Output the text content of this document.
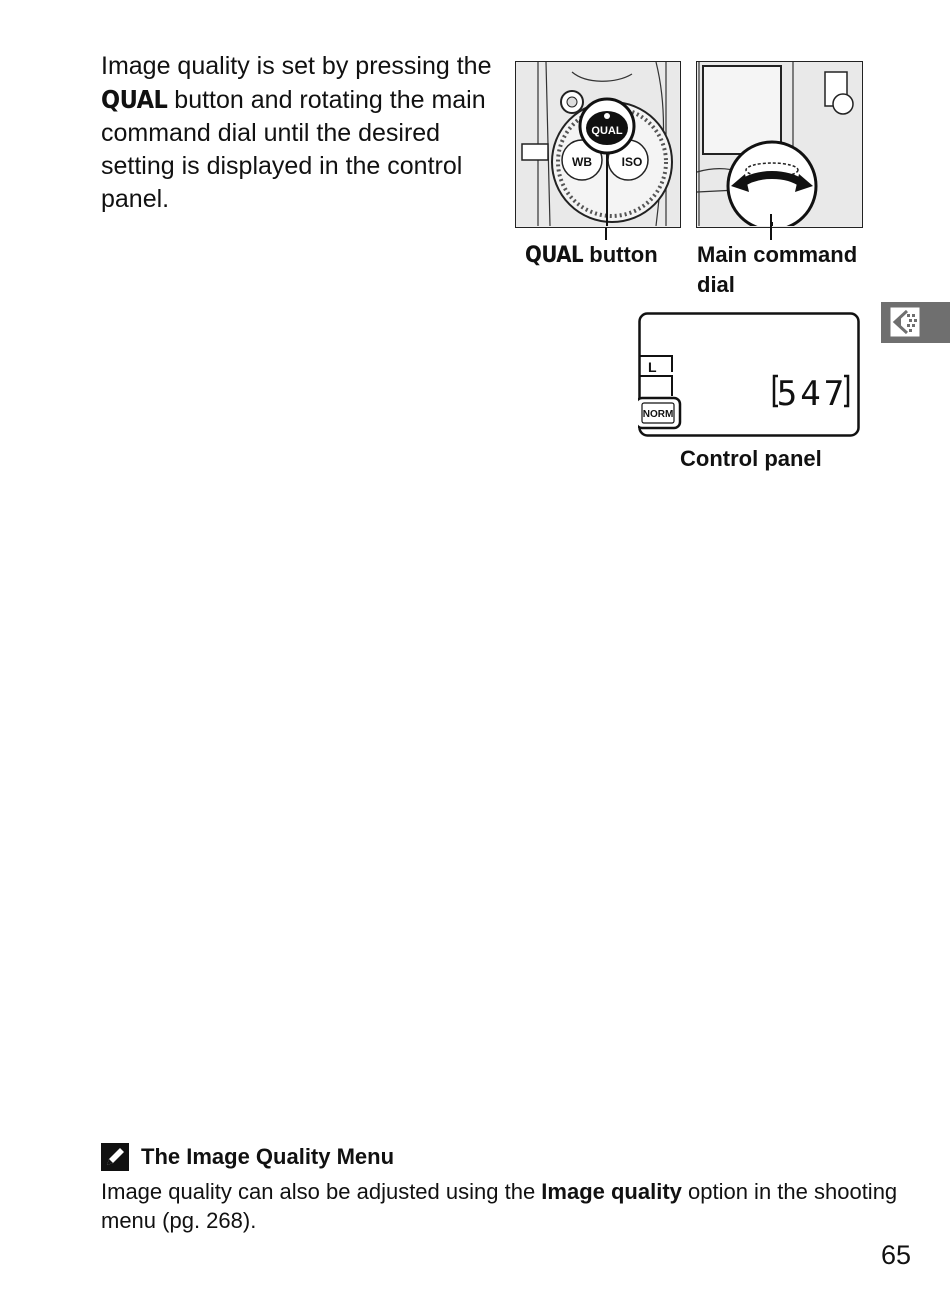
Image quality is set by pressing the QUAL button and rotating the main command dial until the desired setting is displayed in the control panel.

WB ISO
QUAL
QUAL button Main command dial
L
NORM
547
Control panel
The Image Quality Menu

Image quality can also be adjusted using the Image quality option in the shooting menu (pg. 268).

65
